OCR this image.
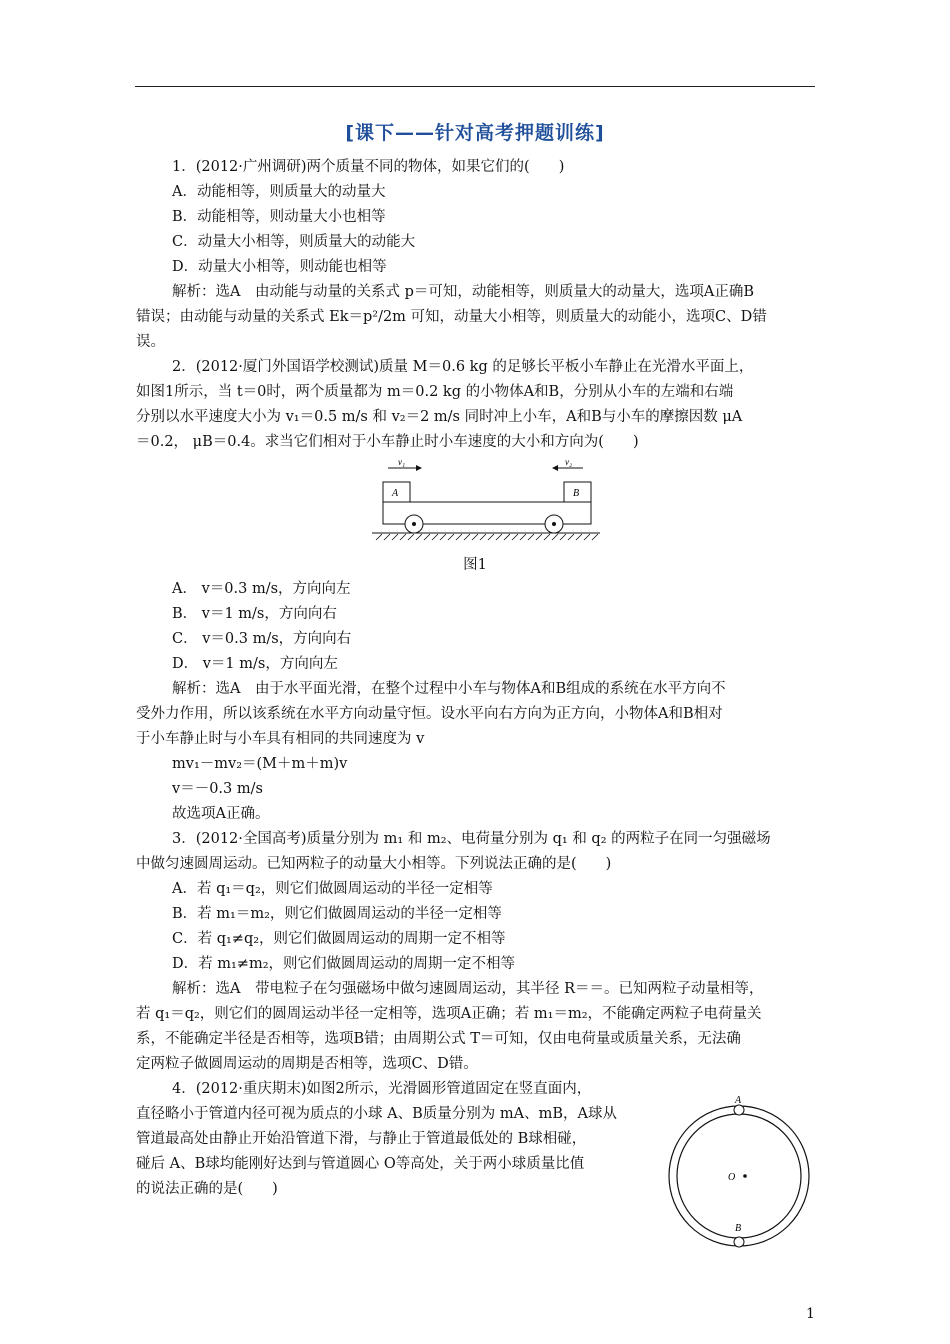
[课下——针对高考押题训练]
1．(2012·广州调研)两个质量不同的物体，如果它们的(　　)
A．动能相等，则质量大的动量大
B．动能相等，则动量大小也相等
C．动量大小相等，则质量大的动能大
D．动量大小相等，则动能也相等
解析：选A　由动能与动量的关系式 p＝可知，动能相等，则质量大的动量大，选项A正确B
错误；由动能与动量的关系式 Ek＝p²/2m 可知，动量大小相等，则质量大的动能小，选项C、D错
误。
2．(2012·厦门外国语学校测试)质量 M＝0.6 kg 的足够长平板小车静止在光滑水平面上，
如图1所示，当 t＝0时，两个质量都为 m＝0.2 kg 的小物体A和B，分别从小车的左端和右端
分别以水平速度大小为 v₁＝0.5 m/s 和 v₂＝2 m/s 同时冲上小车，A和B与小车的摩擦因数 μA
＝0.2， μB＝0.4。求当它们相对于小车静止时小车速度的大小和方向为(　　)
v₁	v₂
A	B
图1
A． v＝0.3 m/s，方向向左
B． v＝1 m/s，方向向右
C． v＝0.3 m/s，方向向右
D． v＝1 m/s，方向向左
解析：选A　由于水平面光滑，在整个过程中小车与物体A和B组成的系统在水平方向不
受外力作用，所以该系统在水平方向动量守恒。设水平向右方向为正方向，小物体A和B相对
于小车静止时与小车具有相同的共同速度为 v
mv₁－mv₂＝(M＋m＋m)v
v＝－0.3 m/s
故选项A正确。
3．(2012·全国高考)质量分别为 m₁ 和 m₂、电荷量分别为 q₁ 和 q₂ 的两粒子在同一匀强磁场
中做匀速圆周运动。已知两粒子的动量大小相等。下列说法正确的是(　　)
A．若 q₁＝q₂，则它们做圆周运动的半径一定相等
B．若 m₁＝m₂，则它们做圆周运动的半径一定相等
C．若 q₁≠q₂，则它们做圆周运动的周期一定不相等
D．若 m₁≠m₂，则它们做圆周运动的周期一定不相等
解析：选A　带电粒子在匀强磁场中做匀速圆周运动，其半径 R＝＝。已知两粒子动量相等，
若 q₁＝q₂，则它们的圆周运动半径一定相等，选项A正确；若 m₁＝m₂，不能确定两粒子电荷量关
系，不能确定半径是否相等，选项B错；由周期公式 T＝可知，仅由电荷量或质量关系，无法确
定两粒子做圆周运动的周期是否相等，选项C、D错。
4．(2012·重庆期末)如图2所示，光滑圆形管道固定在竖直面内，
直径略小于管道内径可视为质点的小球 A、B质量分别为 mA、mB，A球从
管道最高处由静止开始沿管道下滑，与静止于管道最低处的 B球相碰，
碰后 A、B球均能刚好达到与管道圆心 O等高处，关于两小球质量比值
的说法正确的是(　　)
A
B
O
1
